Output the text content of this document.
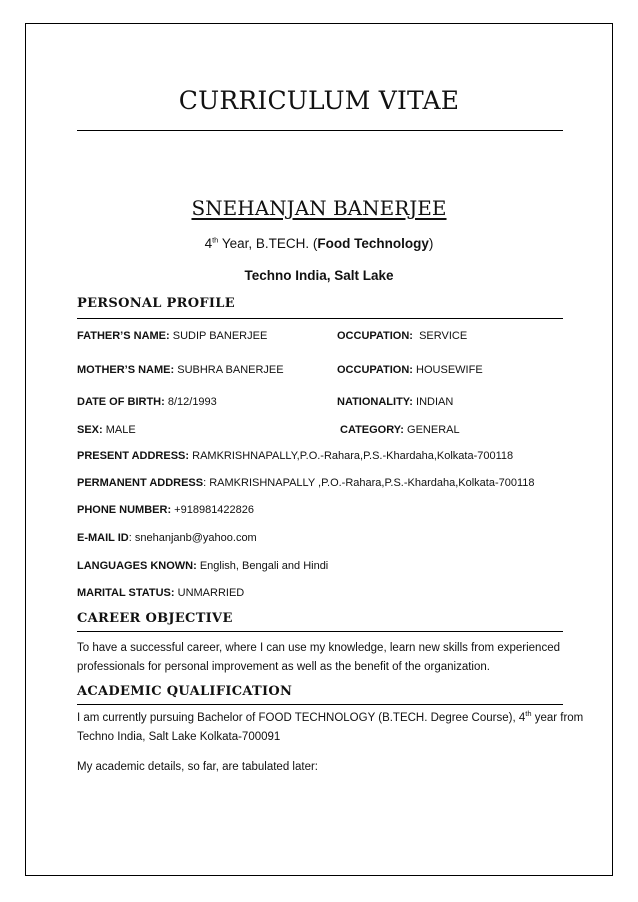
CURRICULUM VITAE
SNEHANJAN BANERJEE
4th Year, B.TECH. (Food Technology)
Techno India, Salt Lake
PERSONAL PROFILE
FATHER’S NAME: SUDIP BANERJEE	OCCUPATION:  SERVICE
MOTHER’S NAME: SUBHRA BANERJEE	OCCUPATION: HOUSEWIFE
DATE OF BIRTH: 8/12/1993	NATIONALITY: INDIAN
SEX: MALE	CATEGORY: GENERAL
PRESENT ADDRESS: RAMKRISHNAPALLY,P.O.-Rahara,P.S.-Khardaha,Kolkata-700118
PERMANENT ADDRESS: RAMKRISHNAPALLY ,P.O.-Rahara,P.S.-Khardaha,Kolkata-700118
PHONE NUMBER: +918981422826
E-MAIL ID: snehanjanb@yahoo.com
LANGUAGES KNOWN: English, Bengali and Hindi
MARITAL STATUS: UNMARRIED
CAREER OBJECTIVE
To have a successful career, where I can use my knowledge, learn new skills from experienced professionals for personal improvement as well as the benefit of the organization.
ACADEMIC QUALIFICATION
I am currently pursuing Bachelor of FOOD TECHNOLOGY (B.TECH. Degree Course), 4th year from
Techno India, Salt Lake Kolkata-700091
My academic details, so far, are tabulated later:
